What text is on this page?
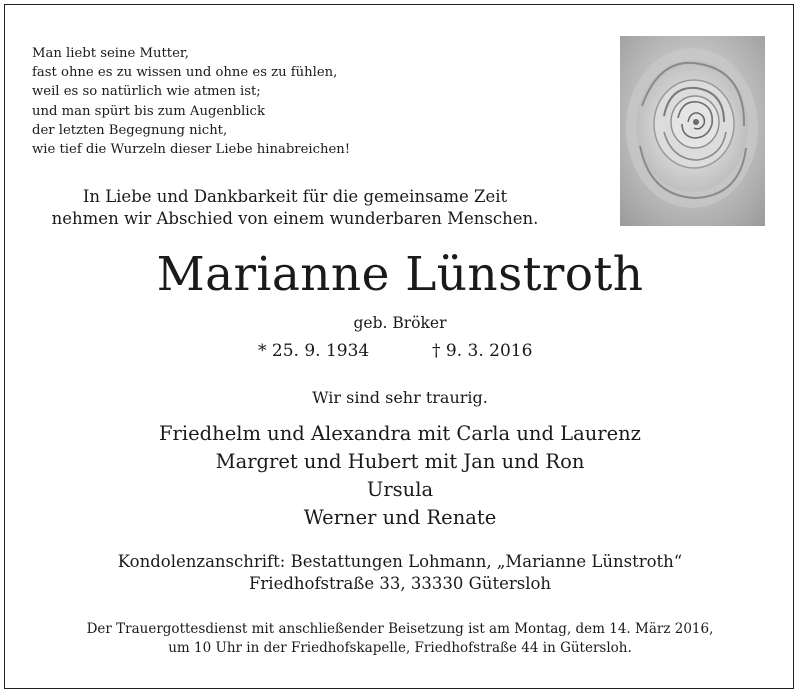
Man liebt seine Mutter,
fast ohne es zu wissen und ohne es zu fühlen,
weil es so natürlich wie atmen ist;
und man spürt bis zum Augenblick
der letzten Begegnung nicht,
wie tief die Wurzeln dieser Liebe hinabreichen!
In Liebe und Dankbarkeit für die gemeinsame Zeit
nehmen wir Abschied von einem wunderbaren Menschen.
Marianne Lünstroth
geb. Bröker
* 25. 9. 1934	† 9. 3. 2016
Wir sind sehr traurig.
Friedhelm und Alexandra mit Carla und Laurenz
Margret und Hubert mit Jan und Ron
Ursula
Werner und Renate
Kondolenzanschrift: Bestattungen Lohmann, „Marianne Lünstroth“
Friedhofstraße 33, 33330 Gütersloh
Der Trauergottesdienst mit anschließender Beisetzung ist am Montag, dem 14. März 2016,
um 10 Uhr in der Friedhofskapelle, Friedhofstraße 44 in Gütersloh.
